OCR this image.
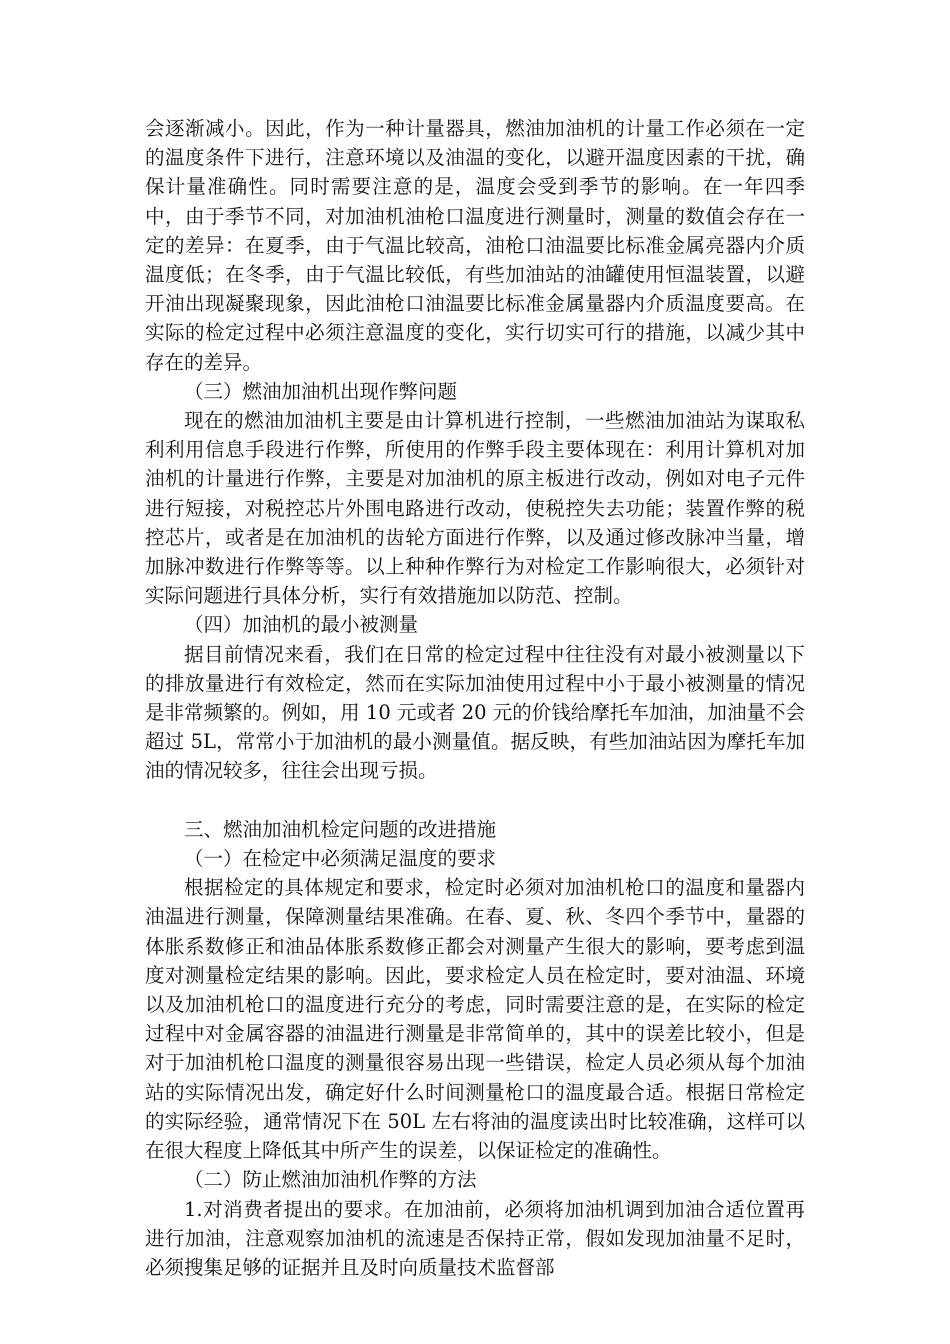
会逐渐减小。因此，作为一种计量器具，燃油加油机的计量工作必须在一定的温度条件下进行，注意环境以及油温的变化，以避开温度因素的干扰，确保计量准确性。同时需要注意的是，温度会受到季节的影响。在一年四季中，由于季节不同，对加油机油枪口温度进行测量时，测量的数值会存在一定的差异：在夏季，由于气温比较高，油枪口油温要比标准金属亮器内介质温度低；在冬季，由于气温比较低，有些加油站的油罐使用恒温装置，以避开油出现凝聚现象，因此油枪口油温要比标准金属量器内介质温度要高。在实际的检定过程中必须注意温度的变化，实行切实可行的措施，以减少其中存在的差异。

（三）燃油加油机出现作弊问题

现在的燃油加油机主要是由计算机进行控制，一些燃油加油站为谋取私利利用信息手段进行作弊，所使用的作弊手段主要体现在：利用计算机对加油机的计量进行作弊，主要是对加油机的原主板进行改动，例如对电子元件进行短接，对税控芯片外围电路进行改动，使税控失去功能；装置作弊的税控芯片，或者是在加油机的齿轮方面进行作弊，以及通过修改脉冲当量，增加脉冲数进行作弊等等。以上种种作弊行为对检定工作影响很大，必须针对实际问题进行具体分析，实行有效措施加以防范、控制。

（四）加油机的最小被测量

据目前情况来看，我们在日常的检定过程中往往没有对最小被测量以下的排放量进行有效检定，然而在实际加油使用过程中小于最小被测量的情况是非常频繁的。例如，用 10 元或者 20 元的价钱给摩托车加油，加油量不会超过 5L，常常小于加油机的最小测量值。据反映，有些加油站因为摩托车加油的情况较多，往往会出现亏损。

三、燃油加油机检定问题的改进措施

（一）在检定中必须满足温度的要求

根据检定的具体规定和要求，检定时必须对加油机枪口的温度和量器内油温进行测量，保障测量结果准确。在春、夏、秋、冬四个季节中，量器的体胀系数修正和油品体胀系数修正都会对测量产生很大的影响，要考虑到温度对测量检定结果的影响。因此，要求检定人员在检定时，要对油温、环境以及加油机枪口的温度进行充分的考虑，同时需要注意的是，在实际的检定过程中对金属容器的油温进行测量是非常简单的，其中的误差比较小，但是对于加油机枪口温度的测量很容易出现一些错误，检定人员必须从每个加油站的实际情况出发，确定好什么时间测量枪口的温度最合适。根据日常检定的实际经验，通常情况下在 50L 左右将油的温度读出时比较准确，这样可以在很大程度上降低其中所产生的误差，以保证检定的准确性。

（二）防止燃油加油机作弊的方法

1.对消费者提出的要求。在加油前，必须将加油机调到加油合适位置再进行加油，注意观察加油机的流速是否保持正常，假如发现加油量不足时，必须搜集足够的证据并且及时向质量技术监督部
